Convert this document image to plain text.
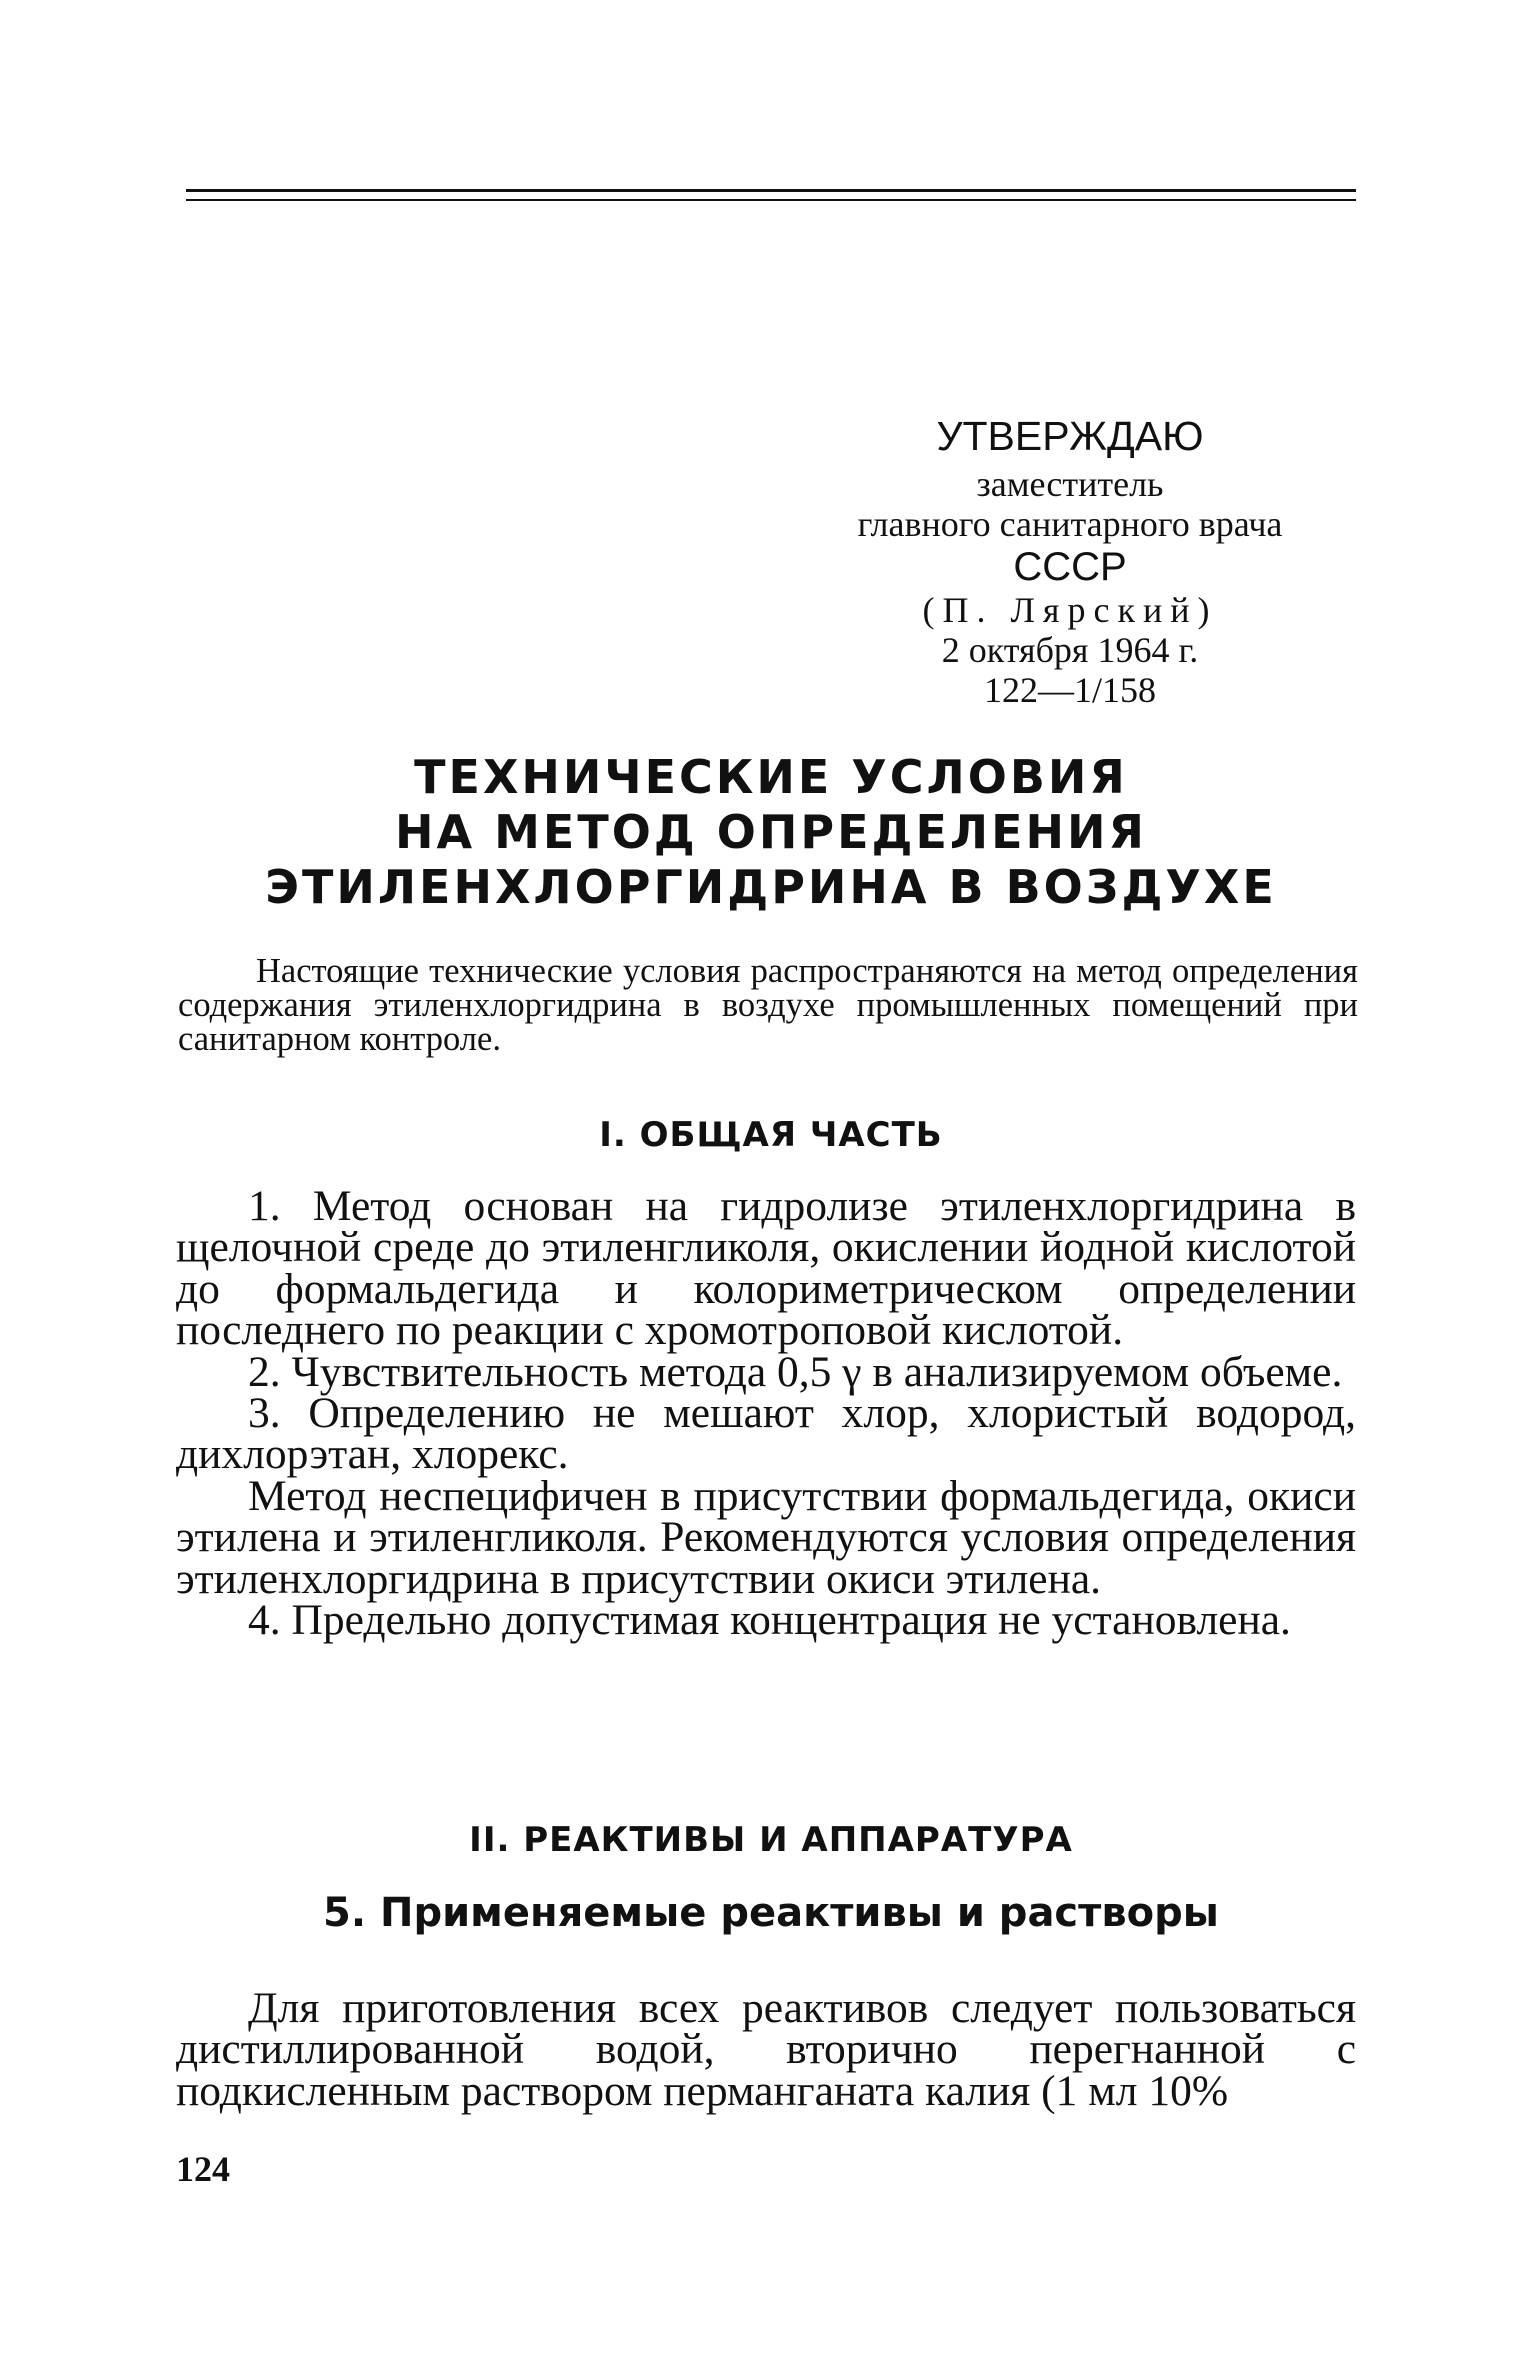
УТВЕРЖДАЮ
заместитель
главного санитарного врача
СССР
(П. Лярский)
2 октября 1964 г.
122—1/158
ТЕХНИЧЕСКИЕ УСЛОВИЯ
НА МЕТОД ОПРЕДЕЛЕНИЯ
ЭТИЛЕНХЛОРГИДРИНА В ВОЗДУХЕ
Настоящие технические условия распространяются на метод определения содержания этиленхлоргидрина в воздухе промышленных помещений при санитарном контроле.
I. ОБЩАЯ ЧАСТЬ

1. Метод основан на гидролизе этиленхлоргидрина в щелочной среде до этиленгликоля, окислении йодной кислотой до формальдегида и колориметрическом определении последнего по реакции с хромотроповой кислотой.

2. Чувствительность метода 0,5 γ в анализируемом объеме.

3. Определению не мешают хлор, хлористый водород, дихлорэтан, хлорекс.

Метод неспецифичен в присутствии формальдегида, окиси этилена и этиленгликоля. Рекомендуются условия определения этиленхлоргидрина в присутствии окиси этилена.

4. Предельно допустимая концентрация не установлена.

II. РЕАКТИВЫ И АППАРАТУРА
5. Применяемые реактивы и растворы

Для приготовления всех реактивов следует пользоваться дистиллированной водой, вторично перегнанной с подкисленным раствором перманганата калия (1 мл 10%

124
